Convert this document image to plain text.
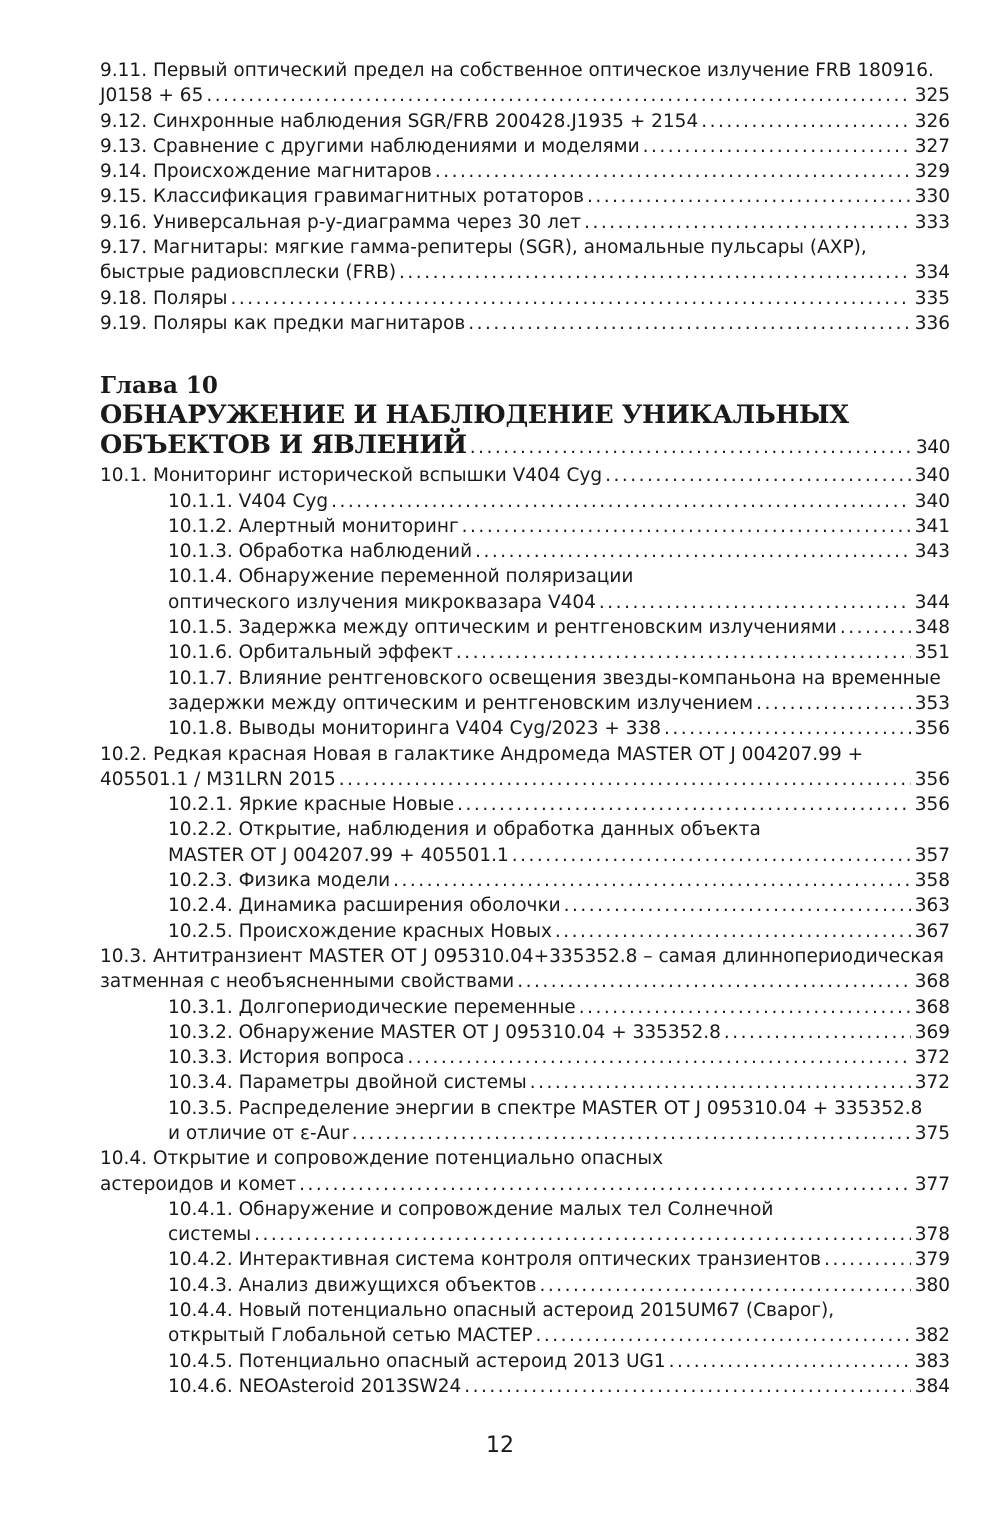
9.11. Первый оптический предел на собственное оптическое излучение FRB 180916.
J0158 + 65 .....	325
9.12. Синхронные наблюдения SGR/FRB 200428.J1935 + 2154 .....	326
9.13. Сравнение с другими наблюдениями и моделями .....	327
9.14. Происхождение магнитаров .....	329
9.15. Классификация гравимагнитных ротаторов .....	330
9.16. Универсальная p-y-диаграмма через 30 лет .....	333
9.17. Магнитары: мягкие гамма-репитеры (SGR), аномальные пульсары (AXP),
быстрые радиовсплески (FRB) .....	334
9.18. Поляры .....	335
9.19. Поляры как предки магнитаров .....	336
Глава 10
ОБНАРУЖЕНИЕ И НАБЛЮДЕНИЕ УНИКАЛЬНЫХ
ОБЪЕКТОВ И ЯВЛЕНИЙ .....	340
10.1. Мониторинг исторической вспышки V404 Cyg .....	340
10.1.1. V404 Cyg .....	340
10.1.2. Алертный мониторинг .....	341
10.1.3. Обработка наблюдений .....	343
10.1.4. Обнаружение переменной поляризации
оптического излучения микроквазара V404 .....	344
10.1.5. Задержка между оптическим и рентгеновским излучениями .....	348
10.1.6. Орбитальный эффект .....	351
10.1.7. Влияние рентгеновского освещения звезды-компаньона на временные
задержки между оптическим и рентгеновским излучением .....	353
10.1.8. Выводы мониторинга V404 Cyg/2023 + 338 .....	356
10.2. Редкая красная Новая в галактике Андромеда MASTER OT J 004207.99 +
405501.1 / M31LRN 2015 .....	356
10.2.1. Яркие красные Новые .....	356
10.2.2. Открытие, наблюдения и обработка данных объекта
MASTER OT J 004207.99 + 405501.1 .....	357
10.2.3. Физика модели .....	358
10.2.4. Динамика расширения оболочки .....	363
10.2.5. Происхождение красных Новых .....	367
10.3. Антитранзиент MASTER OT J 095310.04+335352.8 – самая длиннопериодическая
затменная с необъясненными свойствами .....	368
10.3.1. Долгопериодические переменные .....	368
10.3.2. Обнаружение MASTER OT J 095310.04 + 335352.8 .....	369
10.3.3. История вопроса .....	372
10.3.4. Параметры двойной системы .....	372
10.3.5. Распределение энергии в спектре MASTER OT J 095310.04 + 335352.8
и отличие от ε-Aur .....	375
10.4. Открытие и сопровождение потенциально опасных
астероидов и комет .....	377
10.4.1. Обнаружение и сопровождение малых тел Солнечной
системы .....	378
10.4.2. Интерактивная система контроля оптических транзиентов .....	379
10.4.3. Анализ движущихся объектов .....	380
10.4.4. Новый потенциально опасный астероид 2015UM67 (Сварог),
открытый Глобальной сетью МАСТЕР .....	382
10.4.5. Потенциально опасный астероид 2013 UG1 .....	383
10.4.6. NEOAsteroid 2013SW24 .....	384
12
